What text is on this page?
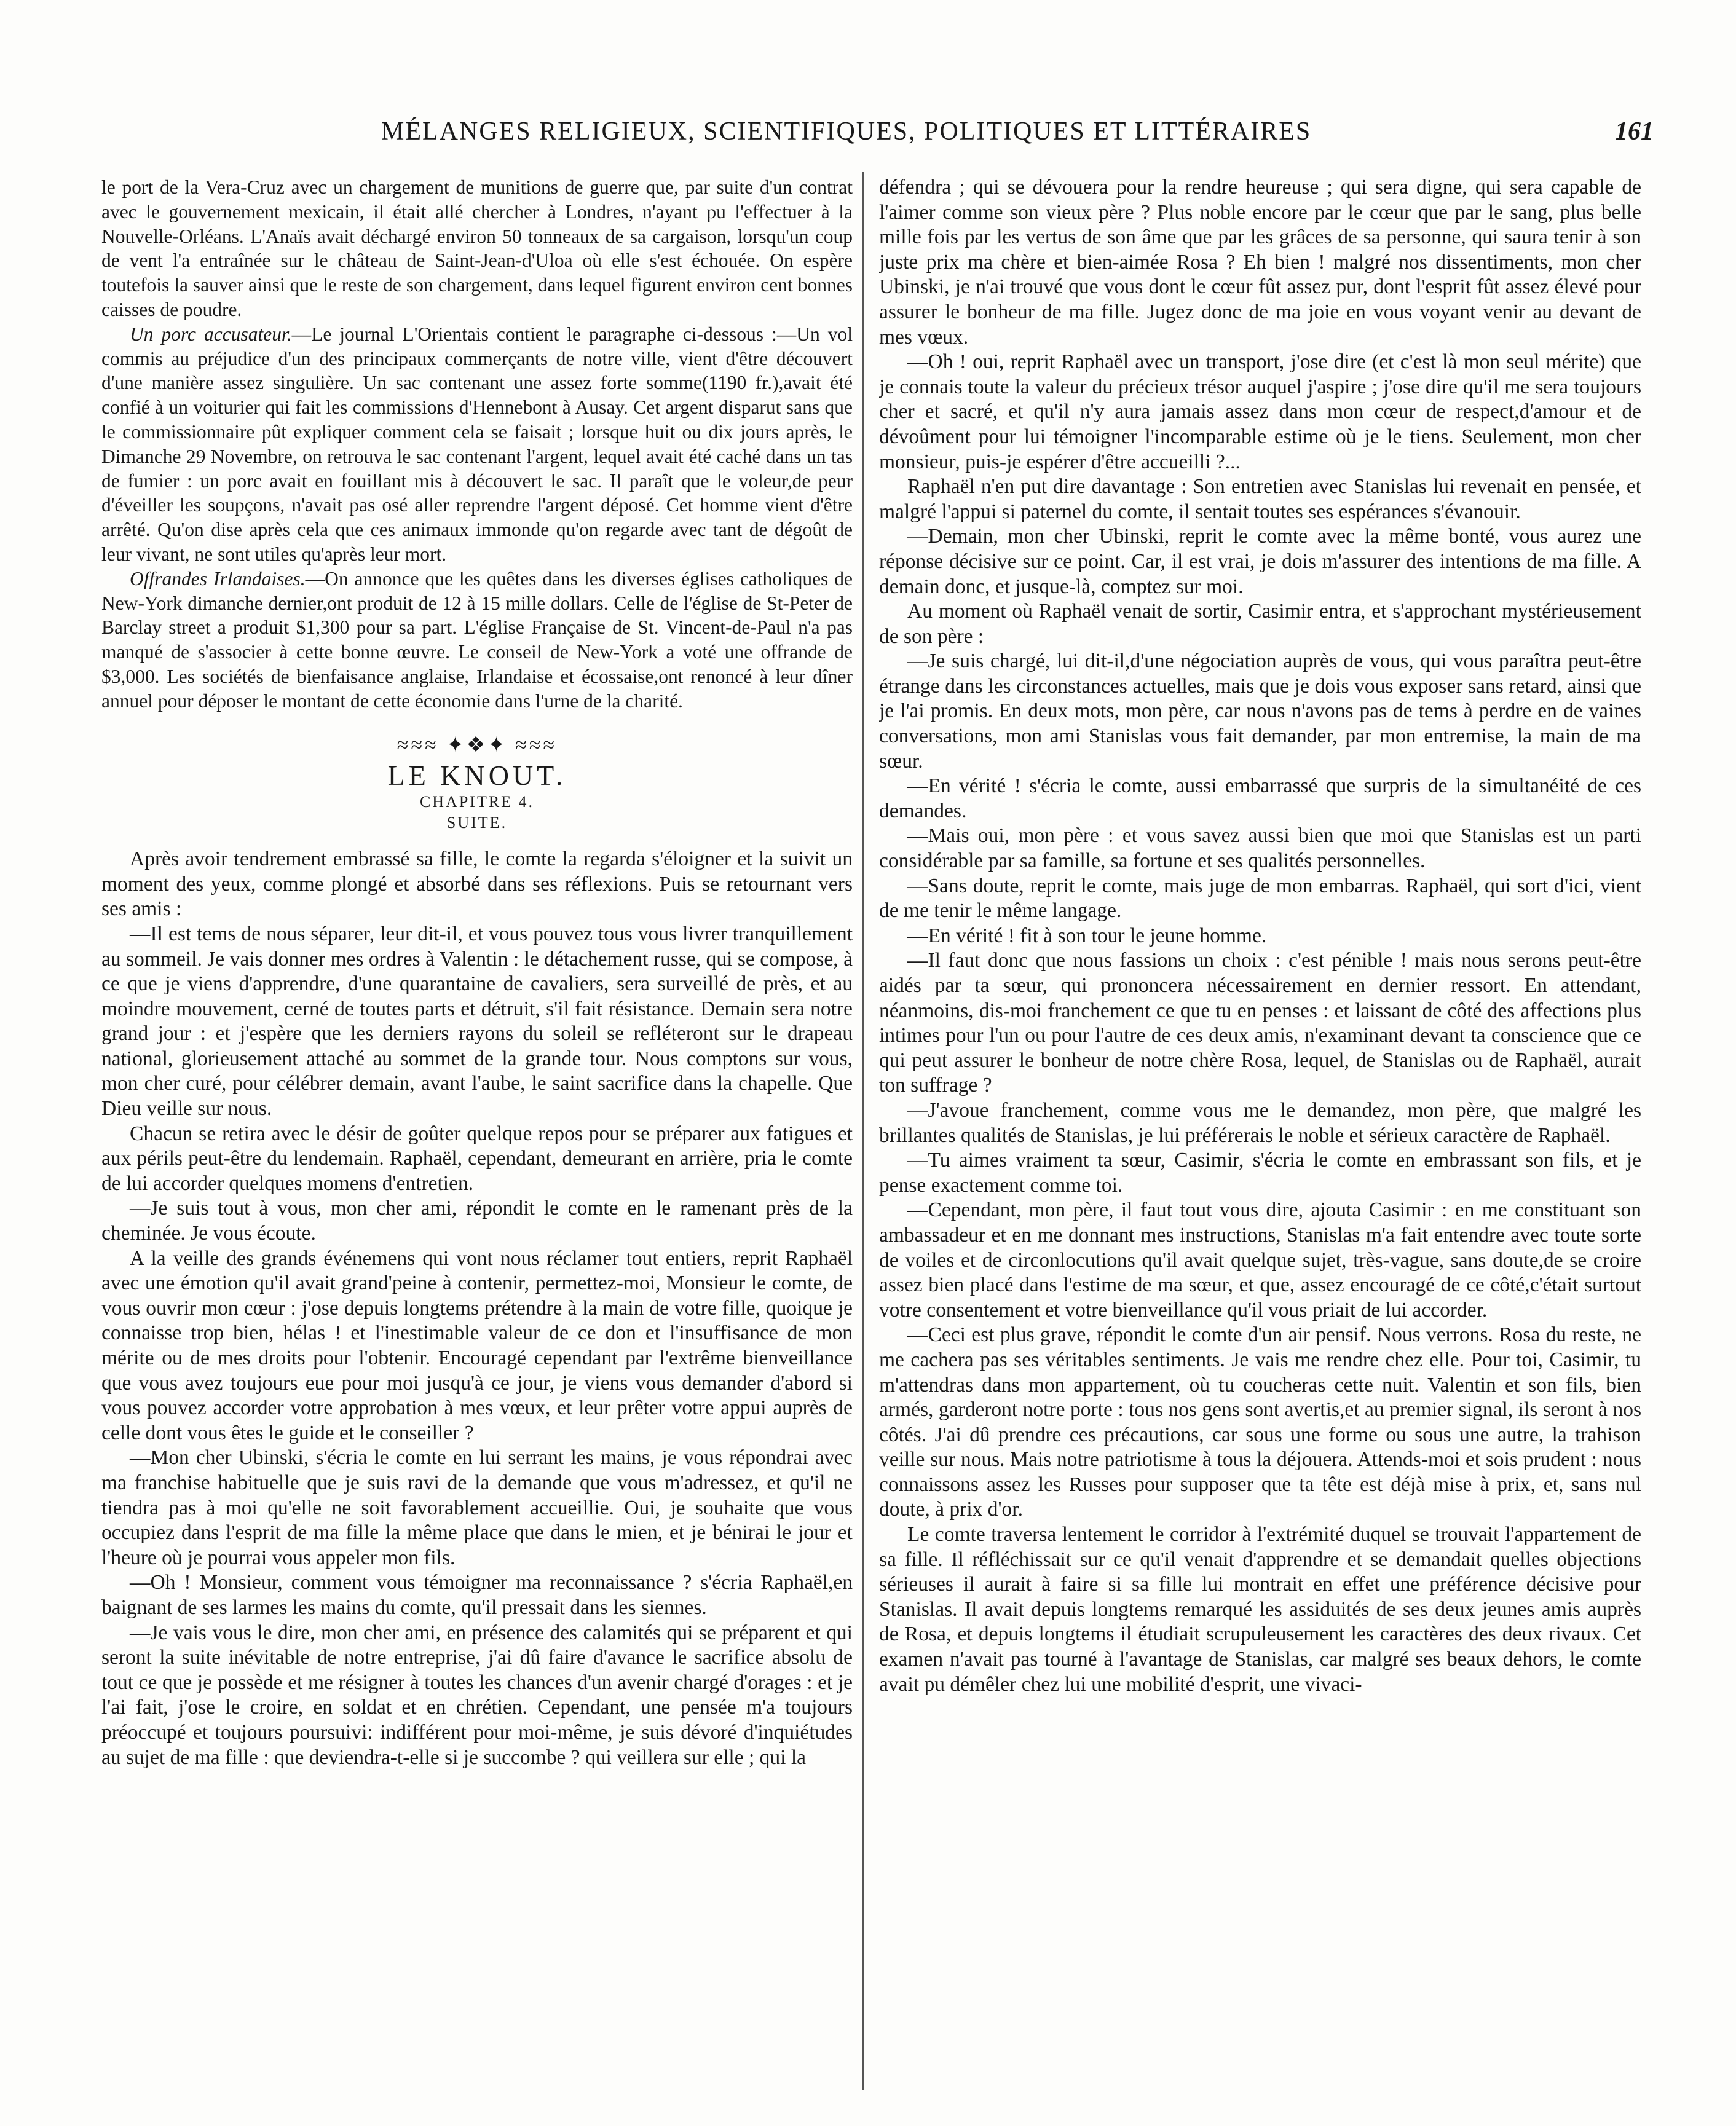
MÉLANGES RELIGIEUX, SCIENTIFIQUES, POLITIQUES ET LITTÉRAIRES	161

le port de la Vera-Cruz avec un chargement de munitions de guerre que, par suite d'un contrat avec le gouvernement mexicain, il était allé chercher à Londres, n'ayant pu l'effectuer à la Nouvelle-Orléans. L'Anaïs avait déchargé environ 50 tonneaux de sa cargaison, lorsqu'un coup de vent l'a entraînée sur le château de Saint-Jean-d'Uloa où elle s'est échouée. On espère toutefois la sauver ainsi que le reste de son chargement, dans lequel figurent environ cent bonnes caisses de poudre.

Un porc accusateur.—Le journal L'Orientais contient le paragraphe ci-dessous :—Un vol commis au préjudice d'un des principaux commerçants de notre ville, vient d'être découvert d'une manière assez singulière. Un sac contenant une assez forte somme(1190 fr.),avait été confié à un voiturier qui fait les commissions d'Hennebont à Ausay. Cet argent disparut sans que le commissionnaire pût expliquer comment cela se faisait ; lorsque huit ou dix jours après, le Dimanche 29 Novembre, on retrouva le sac contenant l'argent, lequel avait été caché dans un tas de fumier : un porc avait en fouillant mis à découvert le sac. Il paraît que le voleur,de peur d'éveiller les soupçons, n'avait pas osé aller reprendre l'argent déposé. Cet homme vient d'être arrêté. Qu'on dise après cela que ces animaux immonde qu'on regarde avec tant de dégoût de leur vivant, ne sont utiles qu'après leur mort.

Offrandes Irlandaises.—On annonce que les quêtes dans les diverses églises catholiques de New-York dimanche dernier,ont produit de 12 à 15 mille dollars. Celle de l'église de St-Peter de Barclay street a produit $1,300 pour sa part. L'église Française de St. Vincent-de-Paul n'a pas manqué de s'associer à cette bonne œuvre. Le conseil de New-York a voté une offrande de $3,000. Les sociétés de bienfaisance anglaise, Irlandaise et écossaise,ont renoncé à leur dîner annuel pour déposer le montant de cette économie dans l'urne de la charité.

≈≈≈ ✦❖✦ ≈≈≈
LE KNOUT.
CHAPITRE 4.
SUITE.

Après avoir tendrement embrassé sa fille, le comte la regarda s'éloigner et la suivit un moment des yeux, comme plongé et absorbé dans ses réflexions. Puis se retournant vers ses amis :

—Il est tems de nous séparer, leur dit-il, et vous pouvez tous vous livrer tranquillement au sommeil. Je vais donner mes ordres à Valentin : le détachement russe, qui se compose, à ce que je viens d'apprendre, d'une quarantaine de cavaliers, sera surveillé de près, et au moindre mouvement, cerné de toutes parts et détruit, s'il fait résistance. Demain sera notre grand jour : et j'espère que les derniers rayons du soleil se refléteront sur le drapeau national, glorieusement attaché au sommet de la grande tour. Nous comptons sur vous, mon cher curé, pour célébrer demain, avant l'aube, le saint sacrifice dans la chapelle. Que Dieu veille sur nous.

Chacun se retira avec le désir de goûter quelque repos pour se préparer aux fatigues et aux périls peut-être du lendemain. Raphaël, cependant, demeurant en arrière, pria le comte de lui accorder quelques momens d'entretien.

—Je suis tout à vous, mon cher ami, répondit le comte en le ramenant près de la cheminée. Je vous écoute.

A la veille des grands événemens qui vont nous réclamer tout entiers, reprit Raphaël avec une émotion qu'il avait grand'peine à contenir, permettez-moi, Monsieur le comte, de vous ouvrir mon cœur : j'ose depuis longtems prétendre à la main de votre fille, quoique je connaisse trop bien, hélas ! et l'inestimable valeur de ce don et l'insuffisance de mon mérite ou de mes droits pour l'obtenir. Encouragé cependant par l'extrême bienveillance que vous avez toujours eue pour moi jusqu'à ce jour, je viens vous demander d'abord si vous pouvez accorder votre approbation à mes vœux, et leur prêter votre appui auprès de celle dont vous êtes le guide et le conseiller ?

—Mon cher Ubinski, s'écria le comte en lui serrant les mains, je vous répondrai avec ma franchise habituelle que je suis ravi de la demande que vous m'adressez, et qu'il ne tiendra pas à moi qu'elle ne soit favorablement accueillie. Oui, je souhaite que vous occupiez dans l'esprit de ma fille la même place que dans le mien, et je bénirai le jour et l'heure où je pourrai vous appeler mon fils.

—Oh ! Monsieur, comment vous témoigner ma reconnaissance ? s'écria Raphaël,en baignant de ses larmes les mains du comte, qu'il pressait dans les siennes.

—Je vais vous le dire, mon cher ami, en présence des calamités qui se préparent et qui seront la suite inévitable de notre entreprise, j'ai dû faire d'avance le sacrifice absolu de tout ce que je possède et me résigner à toutes les chances d'un avenir chargé d'orages : et je l'ai fait, j'ose le croire, en soldat et en chrétien. Cependant, une pensée m'a toujours préoccupé et toujours poursuivi: indifférent pour moi-même, je suis dévoré d'inquiétudes au sujet de ma fille : que deviendra-t-elle si je succombe ? qui veillera sur elle ; qui la

défendra ; qui se dévouera pour la rendre heureuse ; qui sera digne, qui sera capable de l'aimer comme son vieux père ? Plus noble encore par le cœur que par le sang, plus belle mille fois par les vertus de son âme que par les grâces de sa personne, qui saura tenir à son juste prix ma chère et bien-aimée Rosa ? Eh bien ! malgré nos dissentiments, mon cher Ubinski, je n'ai trouvé que vous dont le cœur fût assez pur, dont l'esprit fût assez élevé pour assurer le bonheur de ma fille. Jugez donc de ma joie en vous voyant venir au devant de mes vœux.

—Oh ! oui, reprit Raphaël avec un transport, j'ose dire (et c'est là mon seul mérite) que je connais toute la valeur du précieux trésor auquel j'aspire ; j'ose dire qu'il me sera toujours cher et sacré, et qu'il n'y aura jamais assez dans mon cœur de respect,d'amour et de dévoûment pour lui témoigner l'incomparable estime où je le tiens. Seulement, mon cher monsieur, puis-je espérer d'être accueilli ?...

Raphaël n'en put dire davantage : Son entretien avec Stanislas lui revenait en pensée, et malgré l'appui si paternel du comte, il sentait toutes ses espérances s'évanouir.

—Demain, mon cher Ubinski, reprit le comte avec la même bonté, vous aurez une réponse décisive sur ce point. Car, il est vrai, je dois m'assurer des intentions de ma fille. A demain donc, et jusque-là, comptez sur moi.

Au moment où Raphaël venait de sortir, Casimir entra, et s'approchant mystérieusement de son père :

—Je suis chargé, lui dit-il,d'une négociation auprès de vous, qui vous paraîtra peut-être étrange dans les circonstances actuelles, mais que je dois vous exposer sans retard, ainsi que je l'ai promis. En deux mots, mon père, car nous n'avons pas de tems à perdre en de vaines conversations, mon ami Stanislas vous fait demander, par mon entremise, la main de ma sœur.

—En vérité ! s'écria le comte, aussi embarrassé que surpris de la simultanéité de ces demandes.

—Mais oui, mon père : et vous savez aussi bien que moi que Stanislas est un parti considérable par sa famille, sa fortune et ses qualités personnelles.

—Sans doute, reprit le comte, mais juge de mon embarras. Raphaël, qui sort d'ici, vient de me tenir le même langage.

—En vérité ! fit à son tour le jeune homme.

—Il faut donc que nous fassions un choix : c'est pénible ! mais nous serons peut-être aidés par ta sœur, qui prononcera nécessairement en dernier ressort. En attendant, néanmoins, dis-moi franchement ce que tu en penses : et laissant de côté des affections plus intimes pour l'un ou pour l'autre de ces deux amis, n'examinant devant ta conscience que ce qui peut assurer le bonheur de notre chère Rosa, lequel, de Stanislas ou de Raphaël, aurait ton suffrage ?

—J'avoue franchement, comme vous me le demandez, mon père, que malgré les brillantes qualités de Stanislas, je lui préférerais le noble et sérieux caractère de Raphaël.

—Tu aimes vraiment ta sœur, Casimir, s'écria le comte en embrassant son fils, et je pense exactement comme toi.

—Cependant, mon père, il faut tout vous dire, ajouta Casimir : en me constituant son ambassadeur et en me donnant mes instructions, Stanislas m'a fait entendre avec toute sorte de voiles et de circonlocutions qu'il avait quelque sujet, très-vague, sans doute,de se croire assez bien placé dans l'estime de ma sœur, et que, assez encouragé de ce côté,c'était surtout votre consentement et votre bienveillance qu'il vous priait de lui accorder.

—Ceci est plus grave, répondit le comte d'un air pensif. Nous verrons. Rosa du reste, ne me cachera pas ses véritables sentiments. Je vais me rendre chez elle. Pour toi, Casimir, tu m'attendras dans mon appartement, où tu coucheras cette nuit. Valentin et son fils, bien armés, garderont notre porte : tous nos gens sont avertis,et au premier signal, ils seront à nos côtés. J'ai dû prendre ces précautions, car sous une forme ou sous une autre, la trahison veille sur nous. Mais notre patriotisme à tous la déjouera. Attends-moi et sois prudent : nous connaissons assez les Russes pour supposer que ta tête est déjà mise à prix, et, sans nul doute, à prix d'or.

Le comte traversa lentement le corridor à l'extrémité duquel se trouvait l'appartement de sa fille. Il réfléchissait sur ce qu'il venait d'apprendre et se demandait quelles objections sérieuses il aurait à faire si sa fille lui montrait en effet une préférence décisive pour Stanislas. Il avait depuis longtems remarqué les assiduités de ses deux jeunes amis auprès de Rosa, et depuis longtems il étudiait scrupuleusement les caractères des deux rivaux. Cet examen n'avait pas tourné à l'avantage de Stanislas, car malgré ses beaux dehors, le comte avait pu démêler chez lui une mobilité d'esprit, une vivaci-
